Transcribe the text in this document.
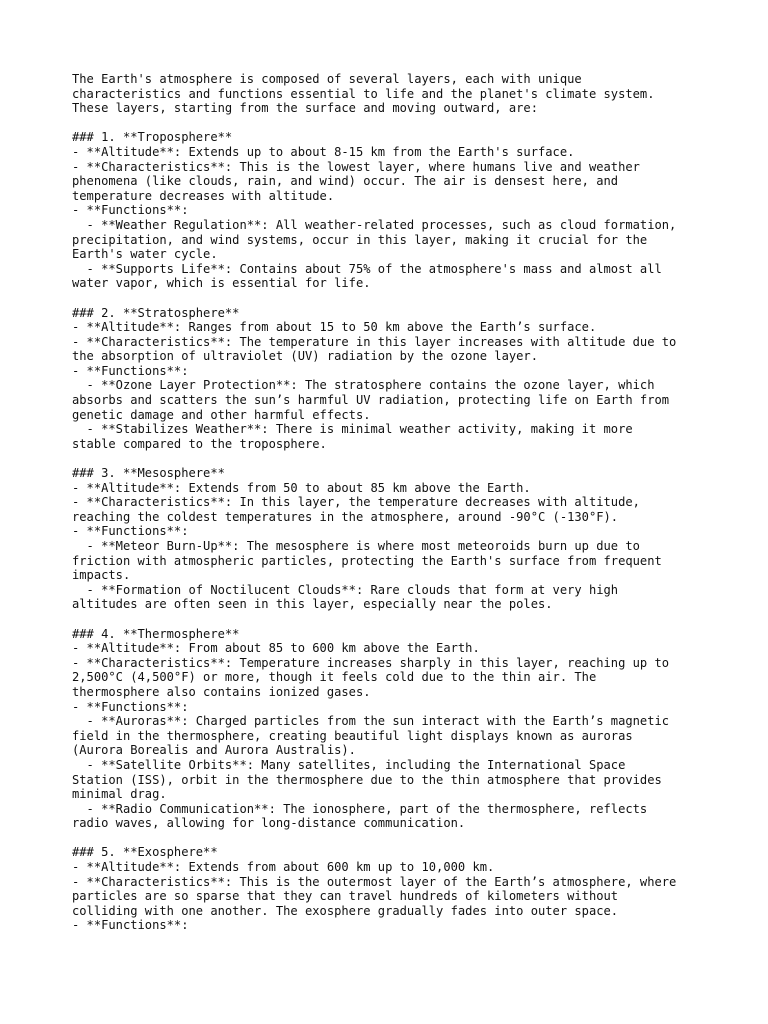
The Earth's atmosphere is composed of several layers, each with unique
characteristics and functions essential to life and the planet's climate system.
These layers, starting from the surface and moving outward, are:
### 1. **Troposphere**
- **Altitude**: Extends up to about 8-15 km from the Earth's surface.
- **Characteristics**: This is the lowest layer, where humans live and weather
phenomena (like clouds, rain, and wind) occur. The air is densest here, and
temperature decreases with altitude.
- **Functions**:
- **Weather Regulation**: All weather-related processes, such as cloud formation,
precipitation, and wind systems, occur in this layer, making it crucial for the
Earth's water cycle.
- **Supports Life**: Contains about 75% of the atmosphere's mass and almost all
water vapor, which is essential for life.
### 2. **Stratosphere**
- **Altitude**: Ranges from about 15 to 50 km above the Earth’s surface.
- **Characteristics**: The temperature in this layer increases with altitude due to
the absorption of ultraviolet (UV) radiation by the ozone layer.
- **Functions**:
- **Ozone Layer Protection**: The stratosphere contains the ozone layer, which
absorbs and scatters the sun’s harmful UV radiation, protecting life on Earth from
genetic damage and other harmful effects.
- **Stabilizes Weather**: There is minimal weather activity, making it more
stable compared to the troposphere.
### 3. **Mesosphere**
- **Altitude**: Extends from 50 to about 85 km above the Earth.
- **Characteristics**: In this layer, the temperature decreases with altitude,
reaching the coldest temperatures in the atmosphere, around -90°C (-130°F).
- **Functions**:
- **Meteor Burn-Up**: The mesosphere is where most meteoroids burn up due to
friction with atmospheric particles, protecting the Earth's surface from frequent
impacts.
- **Formation of Noctilucent Clouds**: Rare clouds that form at very high
altitudes are often seen in this layer, especially near the poles.
### 4. **Thermosphere**
- **Altitude**: From about 85 to 600 km above the Earth.
- **Characteristics**: Temperature increases sharply in this layer, reaching up to
2,500°C (4,500°F) or more, though it feels cold due to the thin air. The
thermosphere also contains ionized gases.
- **Functions**:
- **Auroras**: Charged particles from the sun interact with the Earth’s magnetic
field in the thermosphere, creating beautiful light displays known as auroras
(Aurora Borealis and Aurora Australis).
- **Satellite Orbits**: Many satellites, including the International Space
Station (ISS), orbit in the thermosphere due to the thin atmosphere that provides
minimal drag.
- **Radio Communication**: The ionosphere, part of the thermosphere, reflects
radio waves, allowing for long-distance communication.
### 5. **Exosphere**
- **Altitude**: Extends from about 600 km up to 10,000 km.
- **Characteristics**: This is the outermost layer of the Earth’s atmosphere, where
particles are so sparse that they can travel hundreds of kilometers without
colliding with one another. The exosphere gradually fades into outer space.
- **Functions**:
